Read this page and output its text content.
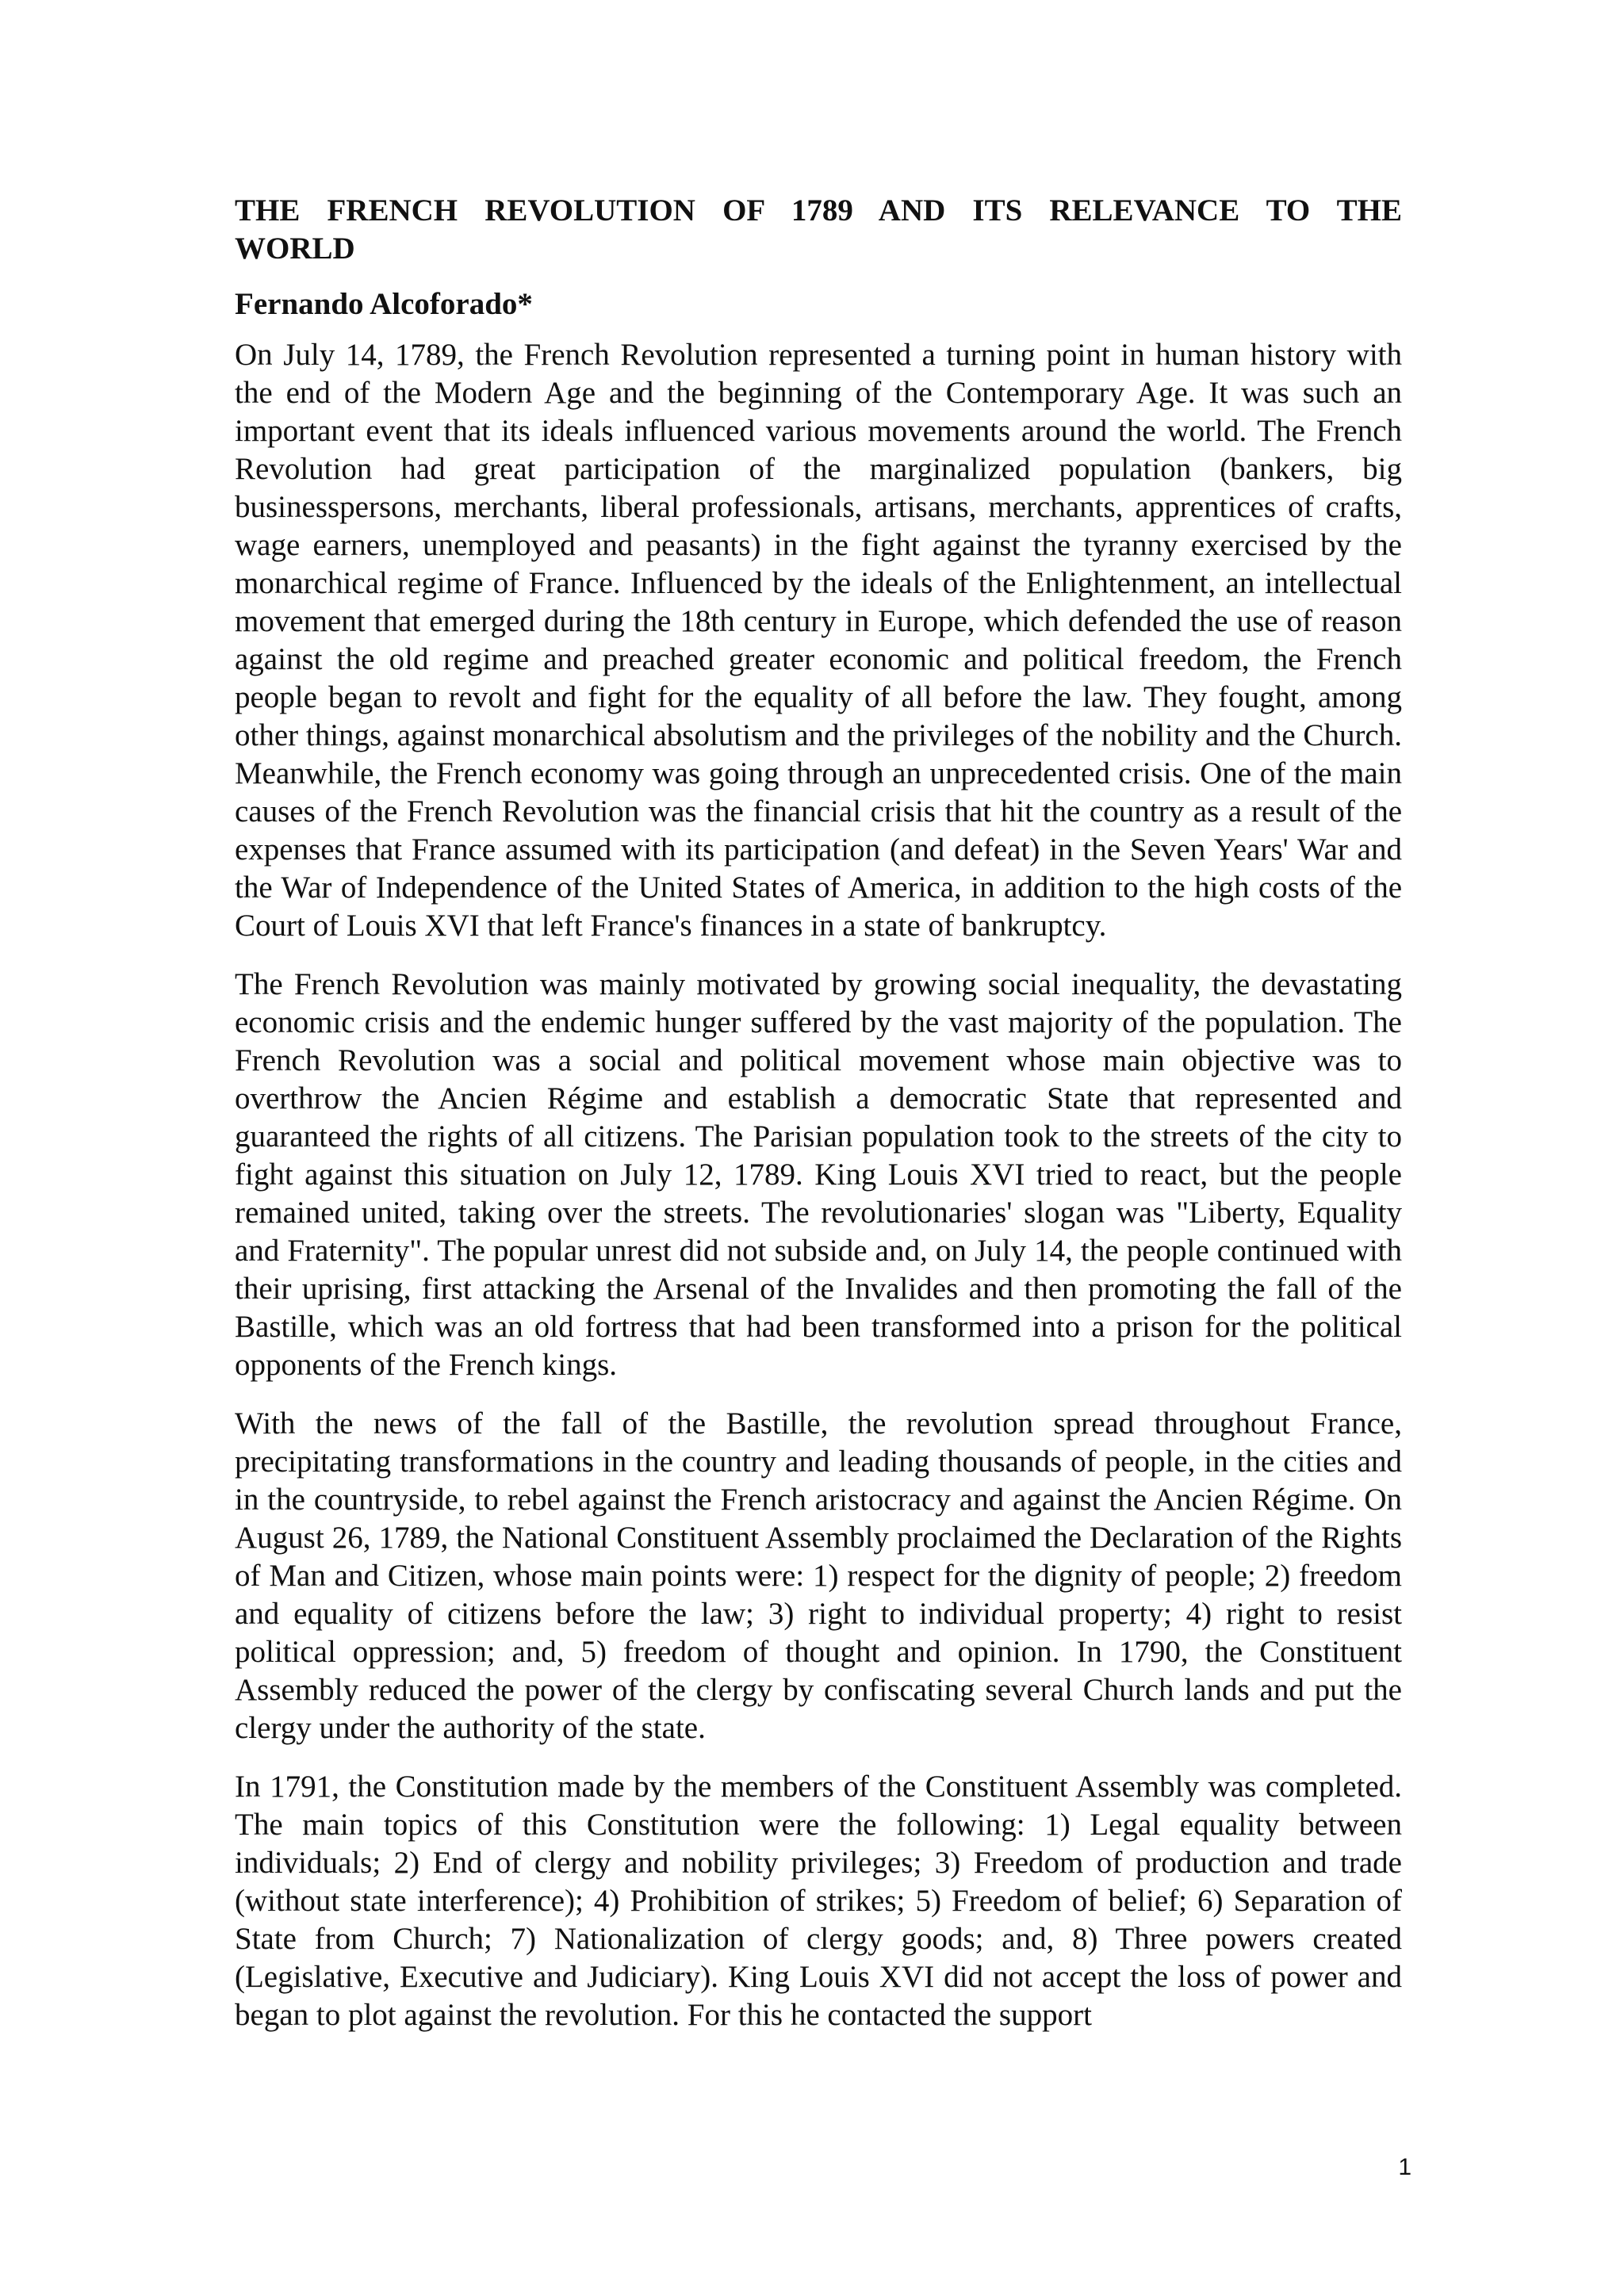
THE FRENCH REVOLUTION OF 1789 AND ITS RELEVANCE TO THE WORLD

Fernando Alcoforado*

On July 14, 1789, the French Revolution represented a turning point in human history with the end of the Modern Age and the beginning of the Contemporary Age. It was such an important event that its ideals influenced various movements around the world. The French Revolution had great participation of the marginalized population (bankers, big businesspersons, merchants, liberal professionals, artisans, merchants, apprentices of crafts, wage earners, unemployed and peasants) in the fight against the tyranny exercised by the monarchical regime of France. Influenced by the ideals of the Enlightenment, an intellectual movement that emerged during the 18th century in Europe, which defended the use of reason against the old regime and preached greater economic and political freedom, the French people began to revolt and fight for the equality of all before the law. They fought, among other things, against monarchical absolutism and the privileges of the nobility and the Church. Meanwhile, the French economy was going through an unprecedented crisis. One of the main causes of the French Revolution was the financial crisis that hit the country as a result of the expenses that France assumed with its participation (and defeat) in the Seven Years' War and the War of Independence of the United States of America, in addition to the high costs of the Court of Louis XVI that left France's finances in a state of bankruptcy.

The French Revolution was mainly motivated by growing social inequality, the devastating economic crisis and the endemic hunger suffered by the vast majority of the population. The French Revolution was a social and political movement whose main objective was to overthrow the Ancien Régime and establish a democratic State that represented and guaranteed the rights of all citizens. The Parisian population took to the streets of the city to fight against this situation on July 12, 1789. King Louis XVI tried to react, but the people remained united, taking over the streets. The revolutionaries' slogan was "Liberty, Equality and Fraternity". The popular unrest did not subside and, on July 14, the people continued with their uprising, first attacking the Arsenal of the Invalides and then promoting the fall of the Bastille, which was an old fortress that had been transformed into a prison for the political opponents of the French kings.

With the news of the fall of the Bastille, the revolution spread throughout France, precipitating transformations in the country and leading thousands of people, in the cities and in the countryside, to rebel against the French aristocracy and against the Ancien Régime. On August 26, 1789, the National Constituent Assembly proclaimed the Declaration of the Rights of Man and Citizen, whose main points were: 1) respect for the dignity of people; 2) freedom and equality of citizens before the law; 3) right to individual property; 4) right to resist political oppression; and, 5) freedom of thought and opinion. In 1790, the Constituent Assembly reduced the power of the clergy by confiscating several Church lands and put the clergy under the authority of the state.

In 1791, the Constitution made by the members of the Constituent Assembly was completed. The main topics of this Constitution were the following: 1) Legal equality between individuals; 2) End of clergy and nobility privileges; 3) Freedom of production and trade (without state interference); 4) Prohibition of strikes; 5) Freedom of belief; 6) Separation of State from Church; 7) Nationalization of clergy goods; and, 8) Three powers created (Legislative, Executive and Judiciary). King Louis XVI did not accept the loss of power and began to plot against the revolution. For this he contacted the support

1
